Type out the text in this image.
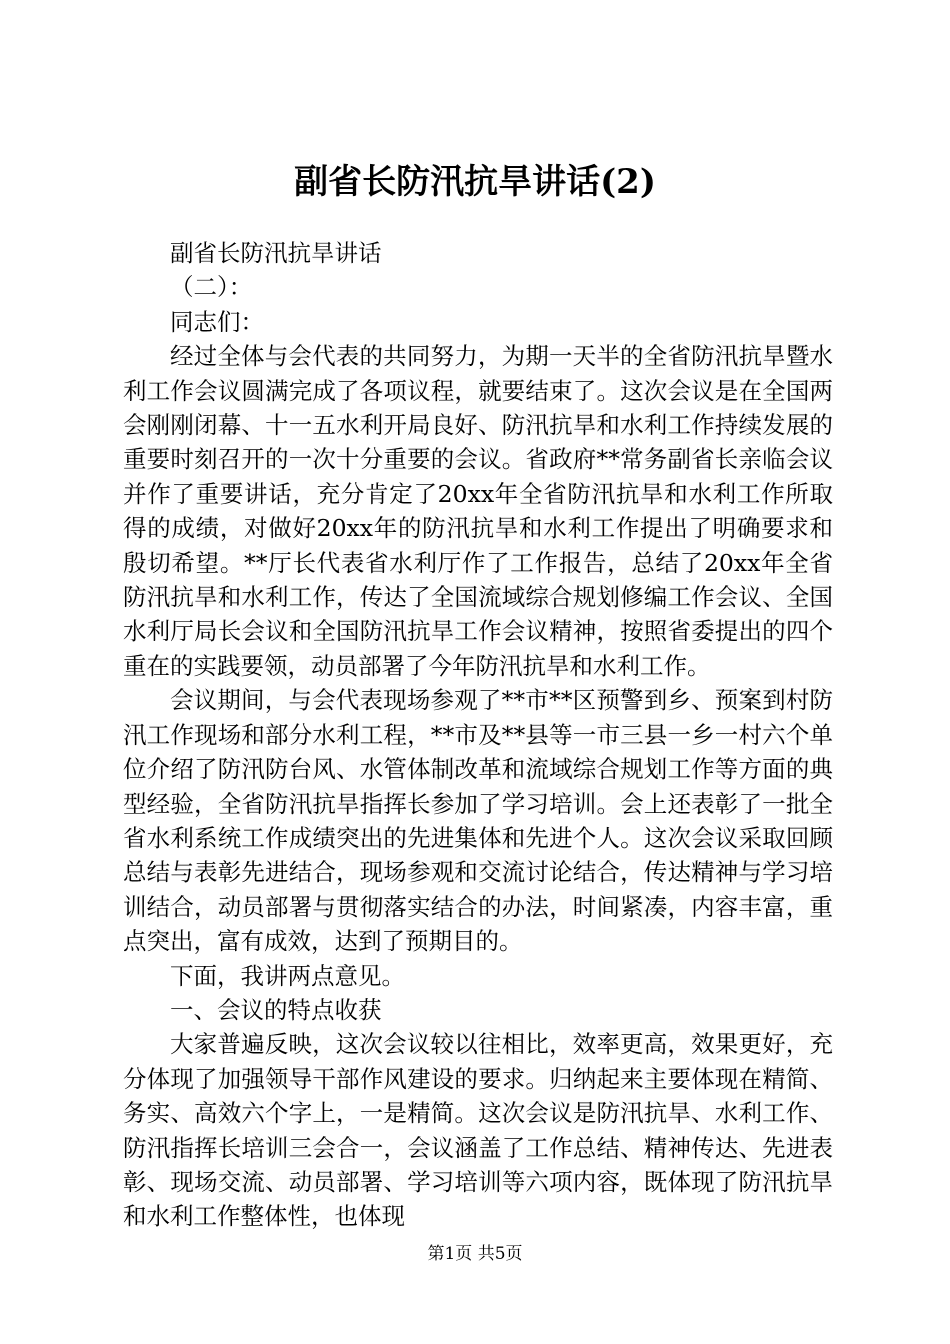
副省长防汛抗旱讲话(2)

副省长防汛抗旱讲话

（二）：

同志们：

经过全体与会代表的共同努力，为期一天半的全省防汛抗旱暨水利工作会议圆满完成了各项议程，就要结束了。这次会议是在全国两会刚刚闭幕、十一五水利开局良好、防汛抗旱和水利工作持续发展的重要时刻召开的一次十分重要的会议。省政府**常务副省长亲临会议并作了重要讲话，充分肯定了20xx年全省防汛抗旱和水利工作所取得的成绩，对做好20xx年的防汛抗旱和水利工作提出了明确要求和殷切希望。**厅长代表省水利厅作了工作报告，总结了20xx年全省防汛抗旱和水利工作，传达了全国流域综合规划修编工作会议、全国水利厅局长会议和全国防汛抗旱工作会议精神，按照省委提出的四个重在的实践要领，动员部署了今年防汛抗旱和水利工作。

会议期间，与会代表现场参观了**市**区预警到乡、预案到村防汛工作现场和部分水利工程，**市及**县等一市三县一乡一村六个单位介绍了防汛防台风、水管体制改革和流域综合规划工作等方面的典型经验，全省防汛抗旱指挥长参加了学习培训。会上还表彰了一批全省水利系统工作成绩突出的先进集体和先进个人。这次会议采取回顾总结与表彰先进结合，现场参观和交流讨论结合，传达精神与学习培训结合，动员部署与贯彻落实结合的办法，时间紧凑，内容丰富，重点突出，富有成效，达到了预期目的。

下面，我讲两点意见。

一、会议的特点收获

大家普遍反映，这次会议较以往相比，效率更高，效果更好，充分体现了加强领导干部作风建设的要求。归纳起来主要体现在精简、务实、高效六个字上，一是精简。这次会议是防汛抗旱、水利工作、防汛指挥长培训三会合一，会议涵盖了工作总结、精神传达、先进表彰、现场交流、动员部署、学习培训等六项内容，既体现了防汛抗旱和水利工作整体性，也体现

第1页 共5页
